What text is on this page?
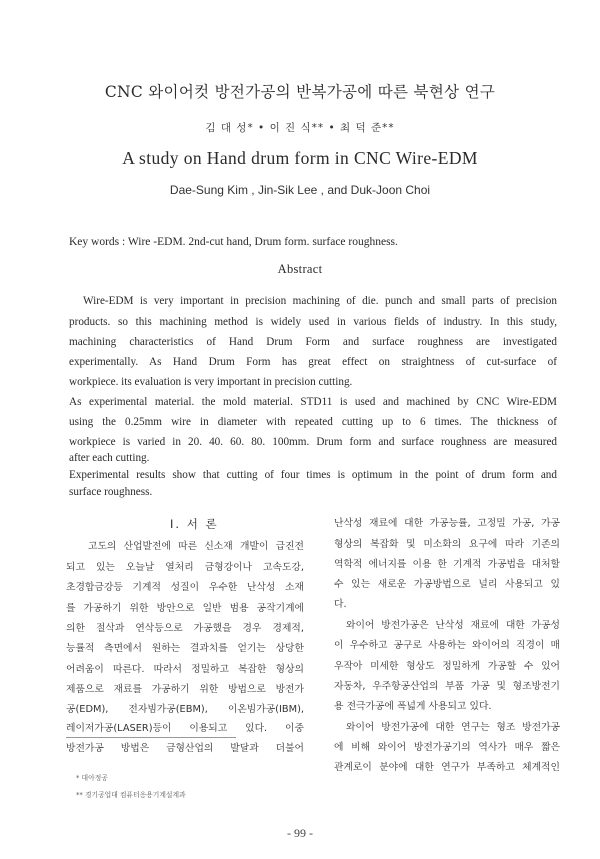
CNC 와이어컷 방전가공의 반복가공에 따른 북현상 연구
김 대 성* • 이 진 식** • 최 덕 준**
A study on Hand drum form in CNC Wire-EDM
Dae-Sung Kim , Jin-Sik Lee , and Duk-Joon Choi
Key words : Wire -EDM. 2nd-cut hand, Drum form. surface roughness.
Abstract
Wire-EDM is very important in precision machining of die. punch and small parts of precision
products. so this machining method is widely used in various fields of industry. In this study,
machining characteristics of Hand Drum Form and surface roughness are investigated
experimentally. As Hand Drum Form has great effect on straightness of cut-surface of
workpiece. its evaluation is very important in precision cutting.
As experimental material. the mold material. STD11 is used and machined by CNC Wire-EDM
using the 0.25mm wire in diameter with repeated cutting up to 6 times. The thickness of
workpiece is varied in 20. 40. 60. 80. 100mm. Drum form and surface roughness are measured
after each cutting.
Experimental results show that cutting of four times is optimum in the point of drum form and
surface roughness.
I. 서 론
고도의 산업발전에 따른 신소재 개발이 급진전
되고 있는 오늘날 열처리 금형강이나 고속도강,
초경합금강등 기계적 성질이 우수한 난삭성 소재
를 가공하기 위한 방안으로 일반 범용 공작기계에
의한 절삭과 연삭등으로 가공했을 경우 경제적,
능률적 측면에서 원하는 결과치를 얻기는 상당한
어려움이 따른다. 따라서 정밀하고 복잡한 형상의
제품으로 재료를 가공하기 위한 방법으로 방전가
공(EDM), 전자빔가공(EBM), 이온빔가공(IBM),
레이저가공(LASER)등이 이용되고 있다. 이중
방전가공 방법은 금형산업의 발달과 더불어
난삭성 재료에 대한 가공능률, 고정밀 가공, 가공
형상의 복잡화 및 미소화의 요구에 따라 기존의
역학적 에너지를 이용 한 기계적 가공법을 대처할
수 있는 새로운 가공방법으로 널리 사용되고 있
다.
와이어 방전가공은 난삭성 재료에 대한 가공성
이 우수하고 공구로 사용하는 와이어의 직경이 매
우작아 미세한 형상도 정밀하게 가공할 수 있어
자동차, 우주항공산업의 부품 가공 및 형조방전기
용 전극가공에 폭넓게 사용되고 있다.
와이어 방전가공에 대한 연구는 형조 방전가공
에 비해 와이어 방전가공기의 역사가 매우 짧은
관계로이 분야에 대한 연구가 부족하고 체계적인
* 대아정공
** 경기공업대 컴퓨터응용기계설계과
- 99 -
